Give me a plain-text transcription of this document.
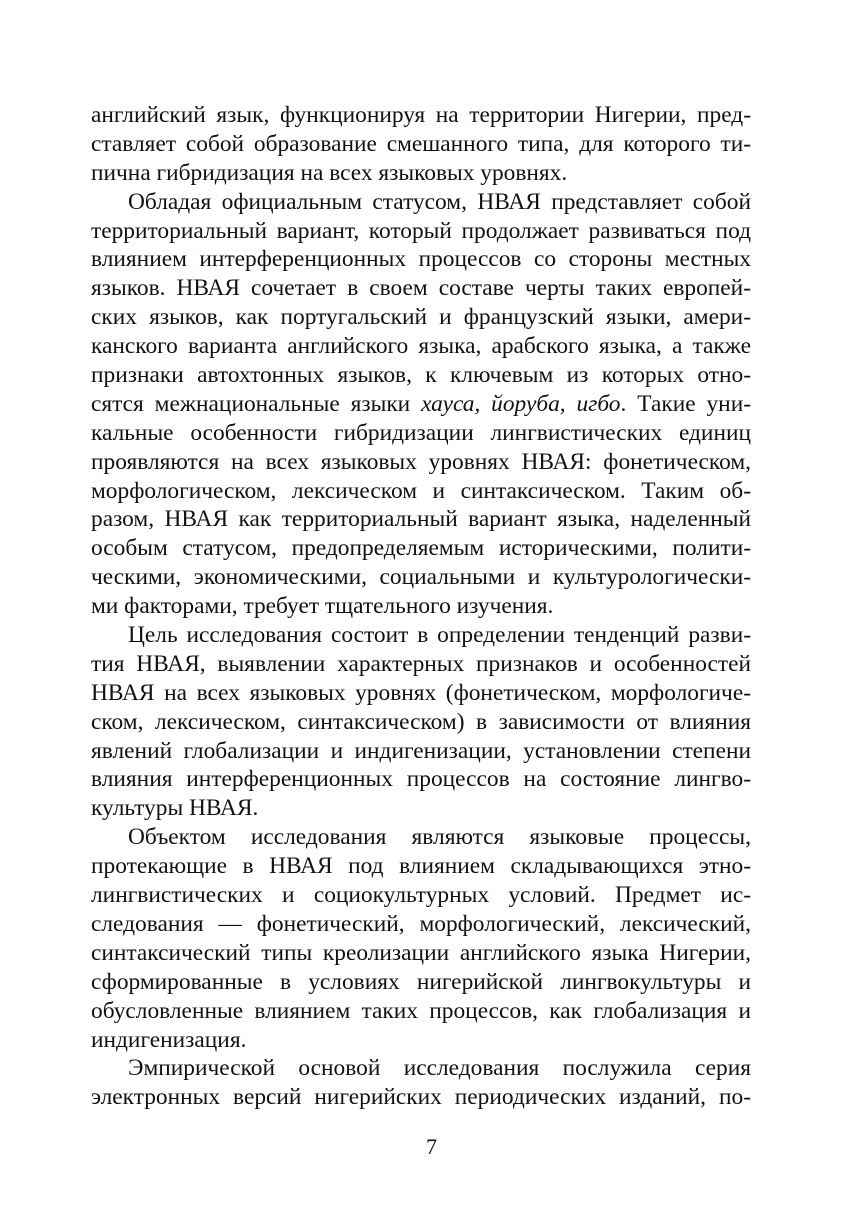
английский язык, функционируя на территории Нигерии, пред-
ставляет собой образование смешанного типа, для которого ти-
пична гибридизация на всех языковых уровнях.
Обладая официальным статусом, НВАЯ представляет собой
территориальный вариант, который продолжает развиваться под
влиянием интерференционных процессов со стороны местных
языков. НВАЯ сочетает в своем составе черты таких европей-
ских языков, как португальский и французский языки, амери-
канского варианта английского языка, арабского языка, а также
признаки автохтонных языков, к ключевым из которых отно-
сятся межнациональные языки хауса, йоруба, игбо. Такие уни-
кальные особенности гибридизации лингвистических единиц
проявляются на всех языковых уровнях НВАЯ: фонетическом,
морфологическом, лексическом и синтаксическом. Таким об-
разом, НВАЯ как территориальный вариант языка, наделенный
особым статусом, предопределяемым историческими, полити-
ческими, экономическими, социальными и культурологически-
ми факторами, требует тщательного изучения.
Цель исследования состоит в определении тенденций разви-
тия НВАЯ, выявлении характерных признаков и особенностей
НВАЯ на всех языковых уровнях (фонетическом, морфологиче-
ском, лексическом, синтаксическом) в зависимости от влияния
явлений глобализации и индигенизации, установлении степени
влияния интерференционных процессов на состояние лингво-
культуры НВАЯ.
Объектом исследования являются языковые процессы,
протекающие в НВАЯ под влиянием складывающихся этно-
лингвистических и социокультурных условий. Предмет ис-
следования — фонетический, морфологический, лексический,
синтаксический типы креолизации английского языка Нигерии,
сформированные в условиях нигерийской лингвокультуры и
обусловленные влиянием таких процессов, как глобализация и
индигенизация.
Эмпирической основой исследования послужила серия
электронных версий нигерийских периодических изданий, по-
7
